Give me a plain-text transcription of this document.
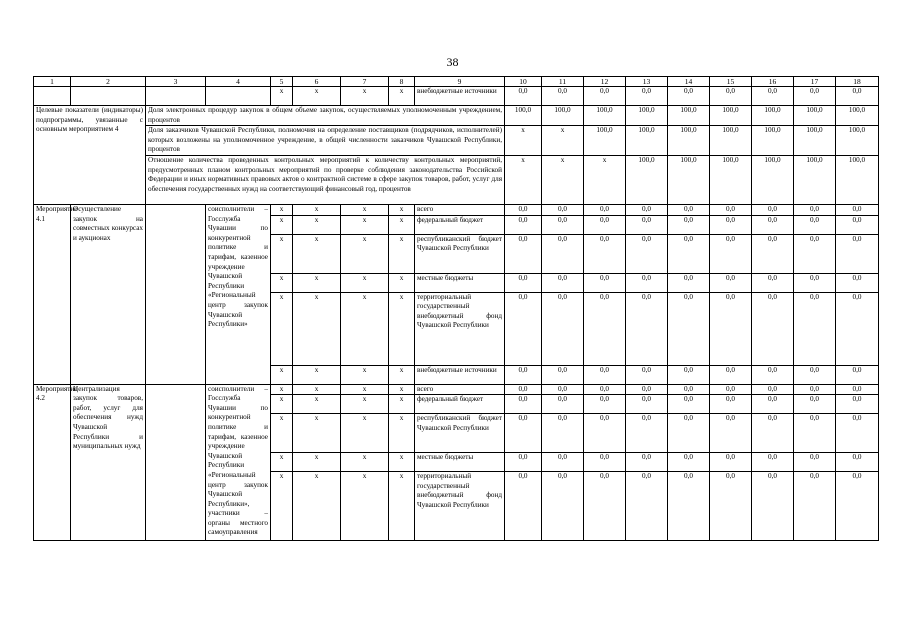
38
1	2	3	4	5	6	7	8	9	10	11	12	13	14	15	16	17	18
				x	x	x	x	внебюджетные источники	0,0	0,0	0,0	0,0	0,0	0,0	0,0	0,0	0,0
Целевые показатели (индикаторы) подпрограммы, увязанные с основным мероприятием 4		Доля электронных процедур закупок в общем объеме закупок, осуществляемых уполномоченным учреждением, процентов							100,0	100,0	100,0	100,0	100,0	100,0	100,0	100,0	100,0
		Доля заказчиков Чувашской Республики, полномочия на определение поставщиков (подрядчиков, исполнителей) которых возложены на уполномоченное учреждение, в общей численности заказчиков Чувашской Республики, процентов							x	x	100,0	100,0	100,0	100,0	100,0	100,0	100,0
		Отношение количества проведенных контрольных мероприятий к количеству контрольных мероприятий, предусмотренных планом контрольных мероприятий по проверке соблюдения законодательства Российской Федерации и иных нормативных правовых актов о контрактной системе в сфере закупок товаров, работ, услуг для обеспечения государственных нужд на соответствующий финансовый год, процентов							x	x	x	100,0	100,0	100,0	100,0	100,0	100,0
Мероприятие 4.1	Осуществление закупок на совместных конкурсах и аукционах		соисполнители – Госслужба Чувашии по конкурентной политике и тарифам, казенное учреждение Чувашской Республики «Региональный центр закупок Чувашской Республики»	x	x	x	x	всего	0,0	0,0	0,0	0,0	0,0	0,0	0,0	0,0	0,0
				x	x	x	x	федеральный бюджет	0,0	0,0	0,0	0,0	0,0	0,0	0,0	0,0	0,0
				x	x	x	x	республиканский бюджет Чувашской Республики	0,0	0,0	0,0	0,0	0,0	0,0	0,0	0,0	0,0
				x	x	x	x	местные бюджеты	0,0	0,0	0,0	0,0	0,0	0,0	0,0	0,0	0,0
				x	x	x	x	территориальный государственный внебюджетный фонд Чувашской Республики	0,0	0,0	0,0	0,0	0,0	0,0	0,0	0,0	0,0
				x	x	x	x	внебюджетные источники	0,0	0,0	0,0	0,0	0,0	0,0	0,0	0,0	0,0
Мероприятие 4.2	Централизация закупок товаров, работ, услуг для обеспечения нужд Чувашской Республики и муниципальных нужд		соисполнители – Госслужба Чувашии по конкурентной политике и тарифам, казенное учреждение Чувашской Республики «Региональный центр закупок Чувашской Республики», участники – органы местного самоуправления	x	x	x	x	всего	0,0	0,0	0,0	0,0	0,0	0,0	0,0	0,0	0,0
				x	x	x	x	федеральный бюджет	0,0	0,0	0,0	0,0	0,0	0,0	0,0	0,0	0,0
				x	x	x	x	республиканский бюджет Чувашской Республики	0,0	0,0	0,0	0,0	0,0	0,0	0,0	0,0	0,0
				x	x	x	x	местные бюджеты	0,0	0,0	0,0	0,0	0,0	0,0	0,0	0,0	0,0
				x	x	x	x	территориальный государственный внебюджетный фонд Чувашской Республики	0,0	0,0	0,0	0,0	0,0	0,0	0,0	0,0	0,0
